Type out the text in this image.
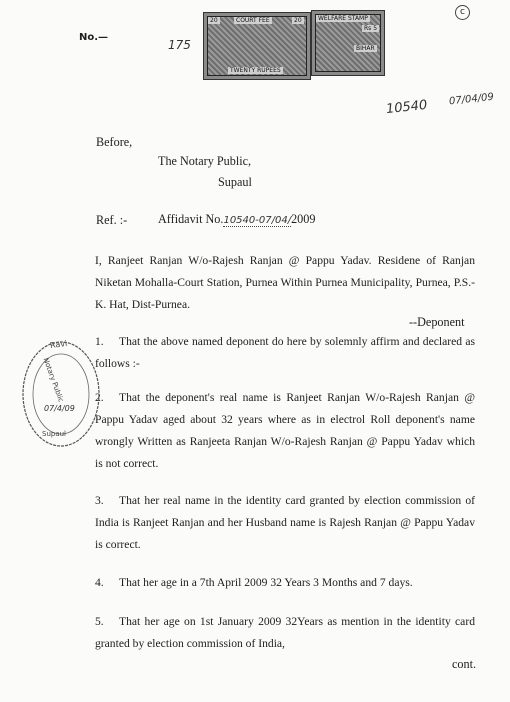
c
No.—
175
20	COURT FEE	20
TWENTY RUPEES
WELFARE STAMP
Rs 5
BIHAR
10540 07/04/09
Before,
The Notary Public,
Supaul
Ref. :-	Affidavit No.10540-07/04/2009
I, Ranjeet Ranjan W/o-Rajesh Ranjan @ Pappu Yadav. Residene of Ranjan Niketan Mohalla-Court Station, Purnea Within Purnea Municipality, Purnea, P.S.-K. Hat, Dist-Purnea.
--Deponent
1. That the above named deponent do here by solemnly affirm and declared as follows :-
2. That the deponent's real name is Ranjeet Ranjan W/o-Rajesh Ranjan @ Pappu Yadav aged about 32 years where as in electrol Roll deponent's name wrongly Written as Ranjeeta Ranjan W/o-Rajesh Ranjan @ Pappu Yadav which is not correct.
3. That her real name in the identity card granted by election commission of India is Ranjeet Ranjan and her Husband name is Rajesh Ranjan @ Pappu Yadav is correct.
4. That her age in a 7th April 2009 32 Years 3 Months and 7 days.
5. That her age on 1st January 2009 32Years as mention in the identity card granted by election commission of India,
cont.
Ravi
Notary Public
Supaul
07/4/09
